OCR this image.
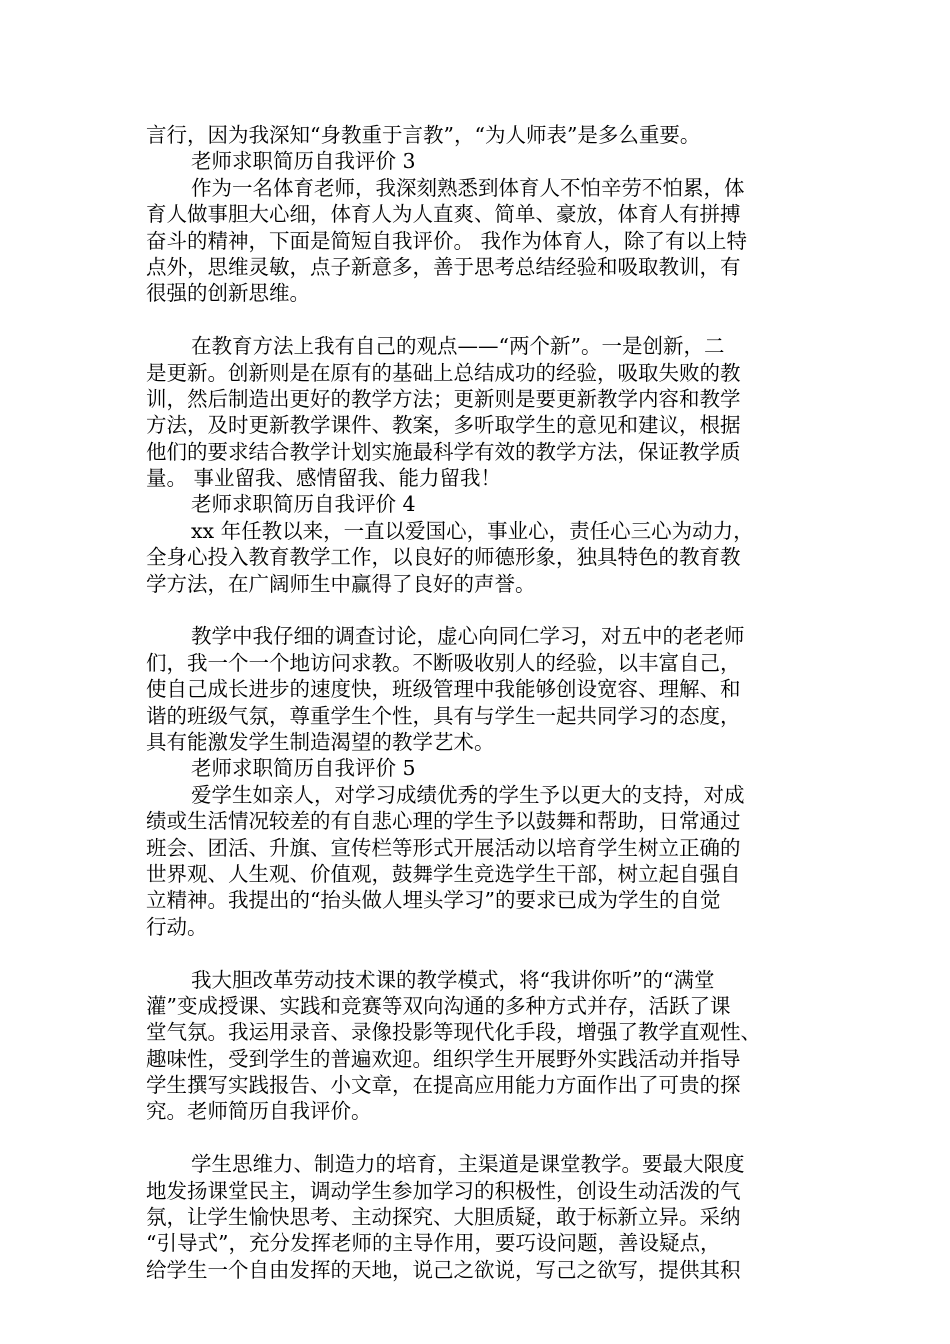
言行，因为我深知“身教重于言教”，“为人师表”是多么重要。
老师求职简历自我评价 3
作为一名体育老师，我深刻熟悉到体育人不怕辛劳不怕累，体
育人做事胆大心细，体育人为人直爽、简单、豪放，体育人有拼搏
奋斗的精神，下面是简短自我评价。 我作为体育人，除了有以上特
点外，思维灵敏，点子新意多，善于思考总结经验和吸取教训，有
很强的创新思维。
在教育方法上我有自己的观点——“两个新”。一是创新，二
是更新。创新则是在原有的基础上总结成功的经验，吸取失败的教
训，然后制造出更好的教学方法；更新则是要更新教学内容和教学
方法，及时更新教学课件、教案，多听取学生的意见和建议，根据
他们的要求结合教学计划实施最科学有效的教学方法，保证教学质
量。 事业留我、感情留我、能力留我！
老师求职简历自我评价 4
xx 年任教以来，一直以爱国心，事业心，责任心三心为动力，
全身心投入教育教学工作，以良好的师德形象，独具特色的教育教
学方法，在广阔师生中赢得了良好的声誉。
教学中我仔细的调查讨论，虚心向同仁学习，对五中的老老师
们，我一个一个地访问求教。不断吸收别人的经验，以丰富自己，
使自己成长进步的速度快，班级管理中我能够创设宽容、理解、和
谐的班级气氛，尊重学生个性，具有与学生一起共同学习的态度，
具有能激发学生制造渴望的教学艺术。
老师求职简历自我评价 5
爱学生如亲人，对学习成绩优秀的学生予以更大的支持，对成
绩或生活情况较差的有自悲心理的学生予以鼓舞和帮助，日常通过
班会、团活、升旗、宣传栏等形式开展活动以培育学生树立正确的
世界观、人生观、价值观，鼓舞学生竞选学生干部，树立起自强自
立精神。我提出的“抬头做人埋头学习”的要求已成为学生的自觉
行动。
我大胆改革劳动技术课的教学模式，将“我讲你听”的“满堂
灌”变成授课、实践和竞赛等双向沟通的多种方式并存，活跃了课
堂气氛。我运用录音、录像投影等现代化手段，增强了教学直观性、
趣味性，受到学生的普遍欢迎。组织学生开展野外实践活动并指导
学生撰写实践报告、小文章，在提高应用能力方面作出了可贵的探
究。老师简历自我评价。
学生思维力、制造力的培育，主渠道是课堂教学。要最大限度
地发扬课堂民主，调动学生参加学习的积极性，创设生动活泼的气
氛，让学生愉快思考、主动探究、大胆质疑，敢于标新立异。采纳
“引导式”，充分发挥老师的主导作用，要巧设问题，善设疑点，
给学生一个自由发挥的天地，说己之欲说，写己之欲写，提供其积
